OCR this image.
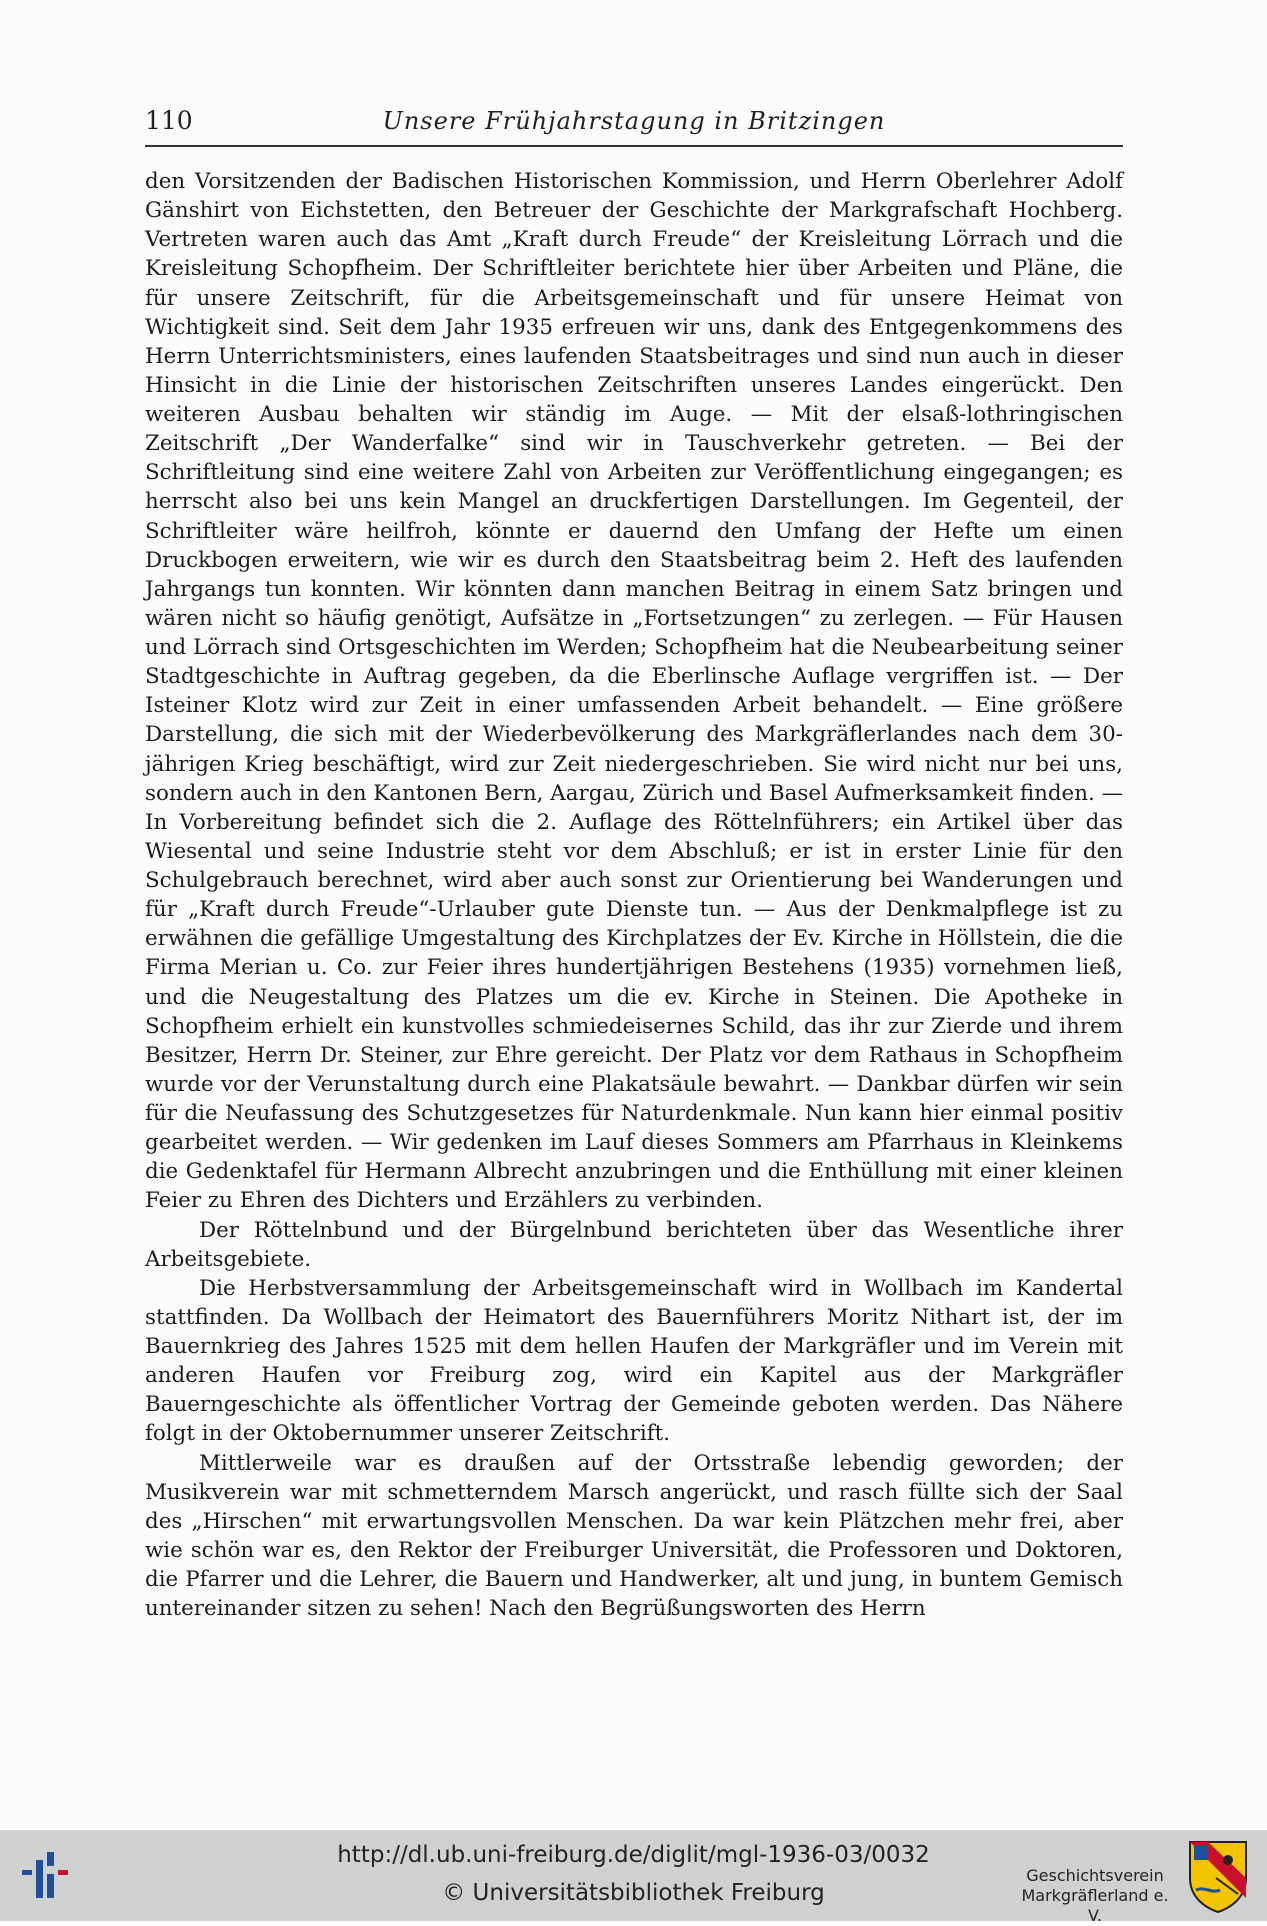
110	Unsere Frühjahrstagung in Britzingen

den Vorsitzenden der Badischen Historischen Kommission, und Herrn Oberlehrer Adolf Gänshirt von Eichstetten, den Betreuer der Geschichte der Markgrafschaft Hochberg. Vertreten waren auch das Amt „Kraft durch Freude“ der Kreisleitung Lörrach und die Kreisleitung Schopfheim. Der Schriftleiter berichtete hier über Arbeiten und Pläne, die für unsere Zeitschrift, für die Arbeitsgemeinschaft und für unsere Heimat von Wichtigkeit sind. Seit dem Jahr 1935 erfreuen wir uns, dank des Entgegenkommens des Herrn Unterrichtsministers, eines laufenden Staatsbeitrages und sind nun auch in dieser Hinsicht in die Linie der historischen Zeitschriften unseres Landes eingerückt. Den weiteren Ausbau behalten wir ständig im Auge. — Mit der elsaß-lothringischen Zeitschrift „Der Wanderfalke“ sind wir in Tauschverkehr getreten. — Bei der Schriftleitung sind eine weitere Zahl von Arbeiten zur Veröffentlichung eingegangen; es herrscht also bei uns kein Mangel an druckfertigen Darstellungen. Im Gegenteil, der Schriftleiter wäre heilfroh, könnte er dauernd den Umfang der Hefte um einen Druckbogen erweitern, wie wir es durch den Staatsbeitrag beim 2. Heft des laufenden Jahrgangs tun konnten. Wir könnten dann manchen Beitrag in einem Satz bringen und wären nicht so häufig genötigt, Aufsätze in „Fortsetzungen“ zu zerlegen. — Für Hausen und Lörrach sind Ortsgeschichten im Werden; Schopfheim hat die Neubearbeitung seiner Stadtgeschichte in Auftrag gegeben, da die Eberlinsche Auflage vergriffen ist. — Der Isteiner Klotz wird zur Zeit in einer umfassenden Arbeit behandelt. — Eine größere Darstellung, die sich mit der Wiederbevölkerung des Markgräflerlandes nach dem 30-jährigen Krieg beschäftigt, wird zur Zeit niedergeschrieben. Sie wird nicht nur bei uns, sondern auch in den Kantonen Bern, Aargau, Zürich und Basel Aufmerksamkeit finden. — In Vorbereitung befindet sich die 2. Auflage des Röttelnführers; ein Artikel über das Wiesental und seine Industrie steht vor dem Abschluß; er ist in erster Linie für den Schulgebrauch berechnet, wird aber auch sonst zur Orientierung bei Wanderungen und für „Kraft durch Freude“-Urlauber gute Dienste tun. — Aus der Denkmalpflege ist zu erwähnen die gefällige Umgestaltung des Kirchplatzes der Ev. Kirche in Höllstein, die die Firma Merian u. Co. zur Feier ihres hundertjährigen Bestehens (1935) vornehmen ließ, und die Neugestaltung des Platzes um die ev. Kirche in Steinen. Die Apotheke in Schopfheim erhielt ein kunstvolles schmiedeisernes Schild, das ihr zur Zierde und ihrem Besitzer, Herrn Dr. Steiner, zur Ehre gereicht. Der Platz vor dem Rathaus in Schopfheim wurde vor der Verunstaltung durch eine Plakatsäule bewahrt. — Dankbar dürfen wir sein für die Neufassung des Schutzgesetzes für Naturdenkmale. Nun kann hier einmal positiv gearbeitet werden. — Wir gedenken im Lauf dieses Sommers am Pfarrhaus in Kleinkems die Gedenktafel für Hermann Albrecht anzubringen und die Enthüllung mit einer kleinen Feier zu Ehren des Dichters und Erzählers zu verbinden.

Der Röttelnbund und der Bürgelnbund berichteten über das Wesentliche ihrer Arbeitsgebiete.

Die Herbstversammlung der Arbeitsgemeinschaft wird in Wollbach im Kandertal stattfinden. Da Wollbach der Heimatort des Bauernführers Moritz Nithart ist, der im Bauernkrieg des Jahres 1525 mit dem hellen Haufen der Markgräfler und im Verein mit anderen Haufen vor Freiburg zog, wird ein Kapitel aus der Markgräfler Bauerngeschichte als öffentlicher Vortrag der Gemeinde geboten werden. Das Nähere folgt in der Oktobernummer unserer Zeitschrift.

Mittlerweile war es draußen auf der Ortsstraße lebendig geworden; der Musikverein war mit schmetterndem Marsch angerückt, und rasch füllte sich der Saal des „Hirschen“ mit erwartungsvollen Menschen. Da war kein Plätzchen mehr frei, aber wie schön war es, den Rektor der Freiburger Universität, die Professoren und Doktoren, die Pfarrer und die Lehrer, die Bauern und Handwerker, alt und jung, in buntem Gemisch untereinander sitzen zu sehen! Nach den Begrüßungsworten des Herrn

http://dl.ub.uni-freiburg.de/diglit/mgl-1936-03/0032
© Universitätsbibliothek Freiburg
Geschichtsverein
Markgräflerland e. V.
